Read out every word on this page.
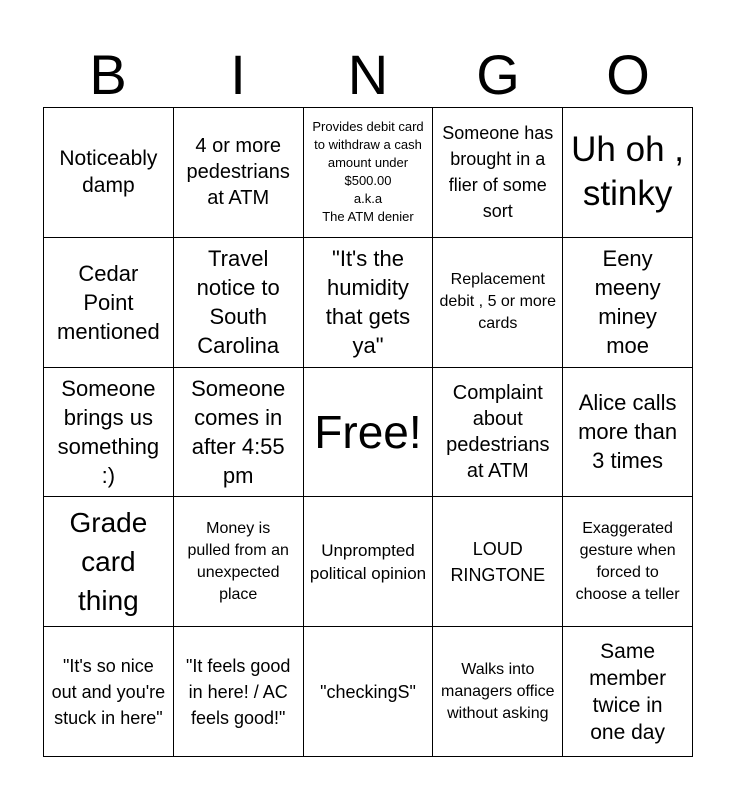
B	I	N	G	O
Noticeably damp
4 or more pedestrians at ATM
Provides debit card to withdraw a cash amount under $500.00
a.k.a
The ATM denier
Someone has brought in a flier of some sort
Uh oh , stinky
Cedar Point mentioned
Travel notice to South Carolina
"It's the humidity that gets ya"
Replacement debit , 5 or more cards
Eeny meeny miney moe
Someone brings us something :)
Someone comes in after 4:55 pm
Free!
Complaint about pedestrians at ATM
Alice calls more than 3 times
Grade card thing
Money is pulled from an unexpected place
Unprompted political opinion
LOUD RINGTONE
Exaggerated gesture when forced to choose a teller
"It's so nice out and you're stuck in here"
"It feels good in here! / AC feels good!"
"checkingS"
Walks into managers office without asking
Same member twice in one day
